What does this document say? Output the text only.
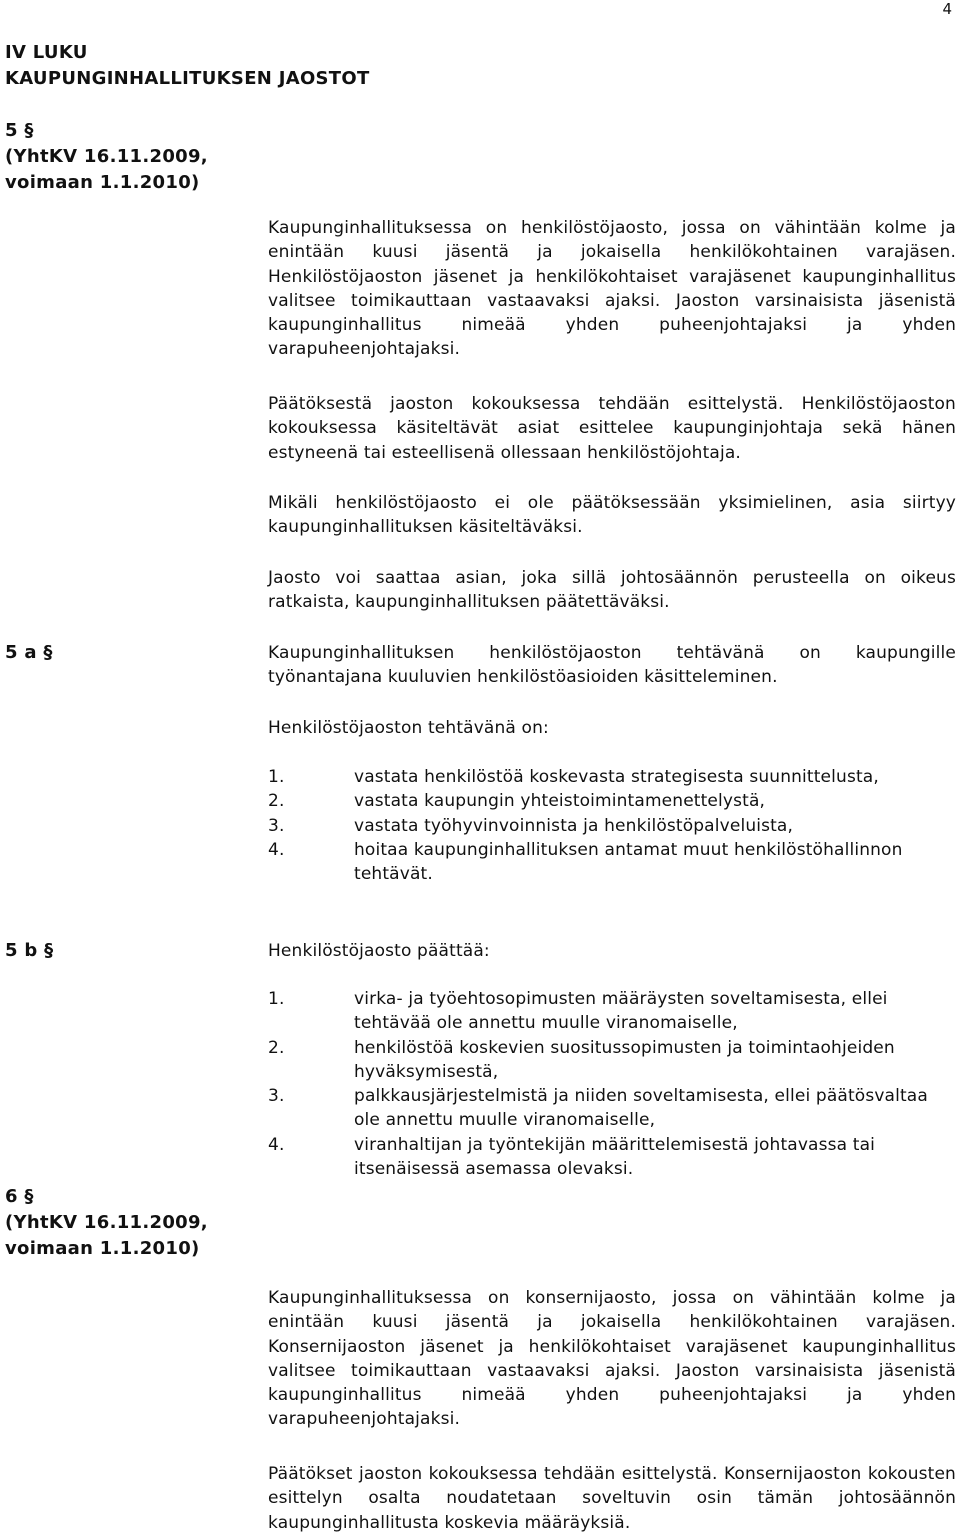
4
IV LUKU
KAUPUNGINHALLITUKSEN JAOSTOT
5 §
(YhtKV 16.11.2009,
voimaan 1.1.2010)

Kaupunginhallituksessa on henkilöstöjaosto, jossa on vähintään kolme ja enintään kuusi jäsentä ja jokaisella henkilökohtainen varajäsen. Henkilöstöjaoston jäsenet ja henkilökohtaiset varajäsenet kaupunginhallitus valitsee toimikauttaan vastaavaksi ajaksi. Jaoston varsinaisista jäsenistä kaupunginhallitus nimeää yhden puheenjohtajaksi ja yhden varapuheenjohtajaksi.

Päätöksestä jaoston kokouksessa tehdään esittelystä. Henkilöstöjaoston kokouksessa käsiteltävät asiat esittelee kaupunginjohtaja sekä hänen estyneenä tai esteellisenä ollessaan henkilöstöjohtaja.

Mikäli henkilöstöjaosto ei ole päätöksessään yksimielinen, asia siirtyy kaupunginhallituksen käsiteltäväksi.

Jaosto voi saattaa asian, joka sillä johtosäännön perusteella on oikeus ratkaista, kaupunginhallituksen päätettäväksi.

5 a §	Kaupunginhallituksen henkilöstöjaoston tehtävänä on kaupungille työnantajana kuuluvien henkilöstöasioiden käsitteleminen.

Henkilöstöjaoston tehtävänä on:

1.	vastata henkilöstöä koskevasta strategisesta suunnittelusta,
2.	vastata kaupungin yhteistoimintamenettelystä,
3.	vastata työhyvinvoinnista ja henkilöstöpalveluista,
4.	hoitaa kaupunginhallituksen antamat muut henkilöstöhallinnon tehtävät.
5 b §	Henkilöstöjaosto päättää:

1.	virka- ja työehtosopimusten määräysten soveltamisesta, ellei tehtävää ole annettu muulle viranomaiselle,
2.	henkilöstöä koskevien suositussopimusten ja toimintaohjeiden hyväksymisestä,
3.	palkkausjärjestelmistä ja niiden soveltamisesta, ellei päätösvaltaa ole annettu muulle viranomaiselle,
4.	viranhaltijan ja työntekijän määrittelemisestä johtavassa tai itsenäisessä asemassa olevaksi.
6 §
(YhtKV 16.11.2009,
voimaan 1.1.2010)

Kaupunginhallituksessa on konsernijaosto, jossa on vähintään kolme ja enintään kuusi jäsentä ja jokaisella henkilökohtainen varajäsen. Konsernijaoston jäsenet ja henkilökohtaiset varajäsenet kaupunginhallitus valitsee toimikauttaan vastaavaksi ajaksi. Jaoston varsinaisista jäsenistä kaupunginhallitus nimeää yhden puheenjohtajaksi ja yhden varapuheenjohtajaksi.

Päätökset jaoston kokouksessa tehdään esittelystä. Konsernijaoston kokousten esittelyn osalta noudatetaan soveltuvin osin tämän johtosäännön kaupunginhallitusta koskevia määräyksiä.
